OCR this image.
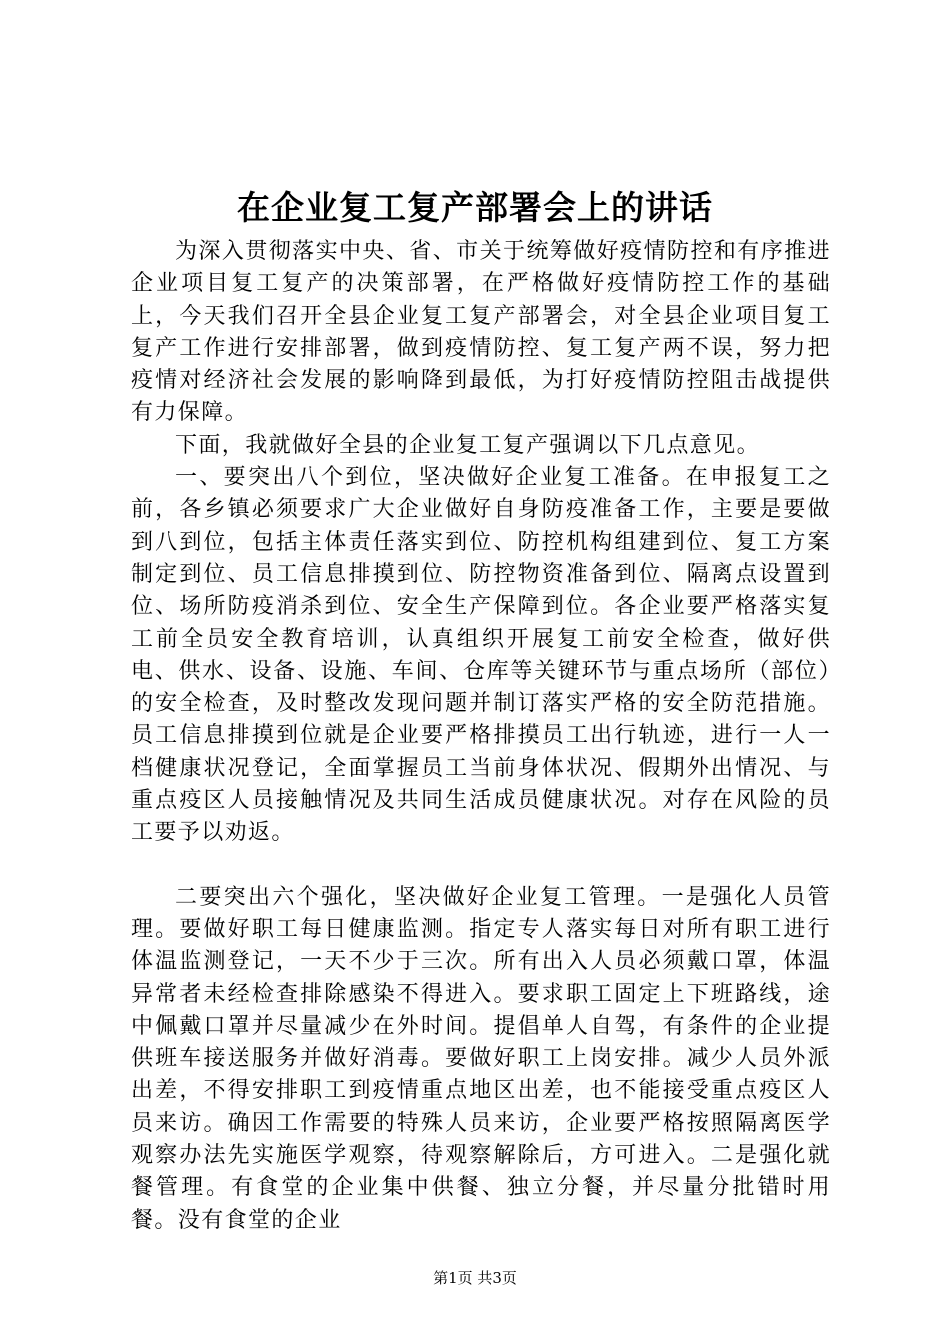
在企业复工复产部署会上的讲话

为深入贯彻落实中央、省、市关于统筹做好疫情防控和有序推进企业项目复工复产的决策部署，在严格做好疫情防控工作的基础上，今天我们召开全县企业复工复产部署会，对全县企业项目复工复产工作进行安排部署，做到疫情防控、复工复产两不误，努力把疫情对经济社会发展的影响降到最低，为打好疫情防控阻击战提供有力保障。

下面，我就做好全县的企业复工复产强调以下几点意见。

一、要突出八个到位，坚决做好企业复工准备。在申报复工之前，各乡镇必须要求广大企业做好自身防疫准备工作，主要是要做到八到位，包括主体责任落实到位、防控机构组建到位、复工方案制定到位、员工信息排摸到位、防控物资准备到位、隔离点设置到位、场所防疫消杀到位、安全生产保障到位。各企业要严格落实复工前全员安全教育培训，认真组织开展复工前安全检查，做好供电、供水、设备、设施、车间、仓库等关键环节与重点场所（部位）的安全检查，及时整改发现问题并制订落实严格的安全防范措施。员工信息排摸到位就是企业要严格排摸员工出行轨迹，进行一人一档健康状况登记，全面掌握员工当前身体状况、假期外出情况、与重点疫区人员接触情况及共同生活成员健康状况。对存在风险的员工要予以劝返。

二要突出六个强化，坚决做好企业复工管理。一是强化人员管理。要做好职工每日健康监测。指定专人落实每日对所有职工进行体温监测登记，一天不少于三次。所有出入人员必须戴口罩，体温异常者未经检查排除感染不得进入。要求职工固定上下班路线，途中佩戴口罩并尽量减少在外时间。提倡单人自驾，有条件的企业提供班车接送服务并做好消毒。要做好职工上岗安排。减少人员外派出差，不得安排职工到疫情重点地区出差，也不能接受重点疫区人员来访。确因工作需要的特殊人员来访，企业要严格按照隔离医学观察办法先实施医学观察，待观察解除后，方可进入。二是强化就餐管理。有食堂的企业集中供餐、独立分餐，并尽量分批错时用餐。没有食堂的企业

第1页 共3页
